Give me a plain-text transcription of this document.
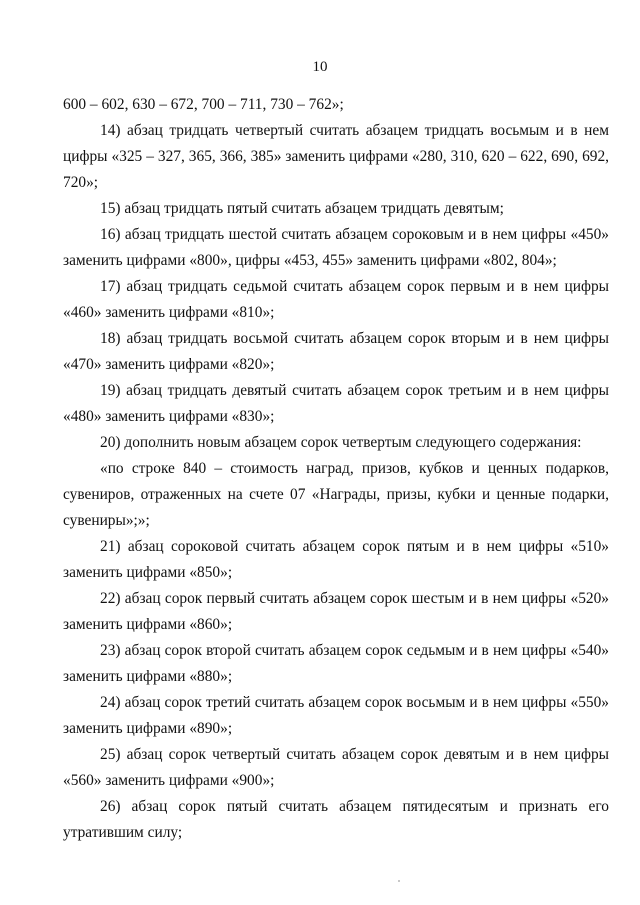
10

600 – 602, 630 – 672, 700 – 711, 730 – 762»;

14) абзац тридцать четвертый считать абзацем тридцать восьмым и в нем цифры «325 – 327, 365, 366, 385» заменить цифрами «280, 310, 620 – 622, 690, 692, 720»;

15) абзац тридцать пятый считать абзацем тридцать девятым;

16) абзац тридцать шестой считать абзацем сороковым и в нем цифры «450» заменить цифрами «800», цифры «453, 455» заменить цифрами «802, 804»;

17) абзац тридцать седьмой считать абзацем сорок первым и в нем цифры «460» заменить цифрами «810»;

18) абзац тридцать восьмой считать абзацем сорок вторым и в нем цифры «470» заменить цифрами «820»;

19) абзац тридцать девятый считать абзацем сорок третьим и в нем цифры «480» заменить цифрами «830»;

20) дополнить новым абзацем сорок четвертым следующего содержания:

«по строке 840 – стоимость наград, призов, кубков и ценных подарков, сувениров, отраженных на счете 07 «Награды, призы, кубки и ценные подарки, сувениры»;»;

21) абзац сороковой считать абзацем сорок пятым и в нем цифры «510» заменить цифрами «850»;

22) абзац сорок первый считать абзацем сорок шестым и в нем цифры «520» заменить цифрами «860»;

23) абзац сорок второй считать абзацем сорок седьмым и в нем цифры «540» заменить цифрами «880»;

24) абзац сорок третий считать абзацем сорок восьмым и в нем цифры «550» заменить цифрами «890»;

25) абзац сорок четвертый считать абзацем сорок девятым и в нем цифры «560» заменить цифрами «900»;

26) абзац сорок пятый считать абзацем пятидесятым и признать его утратившим силу;
